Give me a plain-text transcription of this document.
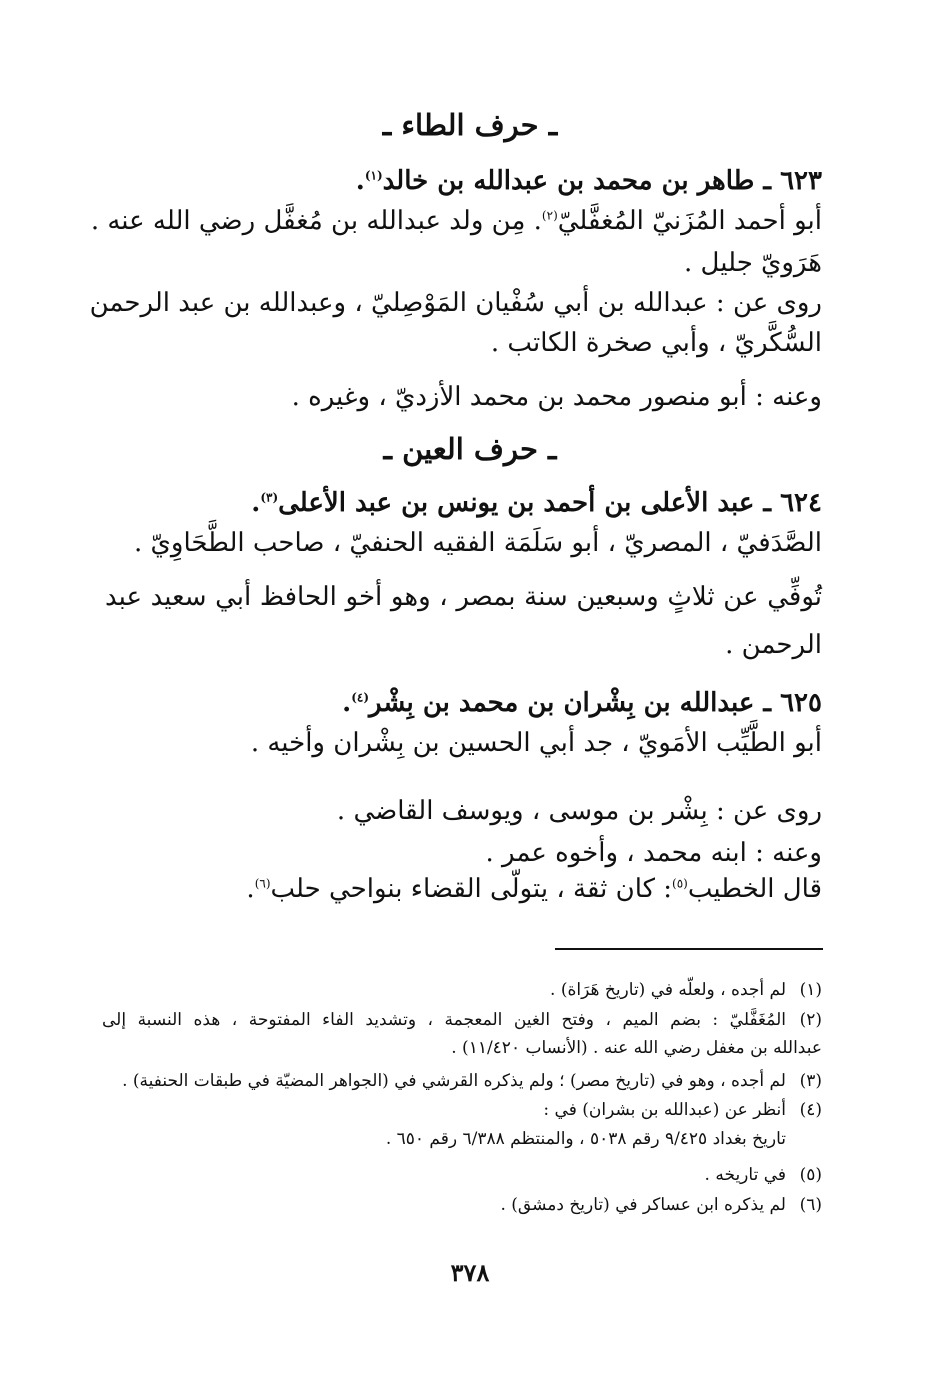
ـ حرف الطاء ـ
٦٢٣ ـ طاهر بن محمد بن عبدالله بن خالد$^{(١)}$.
أبو أحمد المُزَنيّ المُغفَّليّ$^{(٢)}$. مِن ولد عبدالله بن مُغفَّل رضي الله عنه .
هَرَويّ جليل .
روى عن : عبدالله بن أبي سُفْيان المَوْصِليّ ، وعبدالله بن عبد الرحمن
السُّكَّريّ ، وأبي صخرة الكاتب .
وعنه : أبو منصور محمد بن محمد الأزديّ ، وغيره .
ـ حرف العين ـ
٦٢٤ ـ عبد الأعلى بن أحمد بن يونس بن عبد الأعلى$^{(٣)}$.
الصَّدَفيّ ، المصريّ ، أبو سَلَمَة الفقيه الحنفيّ ، صاحب الطَّحَاوِيّ .
تُوفِّي عن ثلاثٍ وسبعين سنة بمصر ، وهو أخو الحافظ أبي سعيد عبد
الرحمن .
٦٢٥ ـ عبدالله بن بِشْران بن محمد بن بِشْر$^{(٤)}$.
أبو الطَّيِّب الأمَويّ ، جد أبي الحسين بن بِشْران وأخيه .
روى عن : بِشْر بن موسى ، ويوسف القاضي .
وعنه : ابنه محمد ، وأخوه عمر .
قال الخطيب$^{(٥)}$: كان ثقة ، يتولّى القضاء بنواحي حلب$^{(٦)}$.
(١)لم أجده ، ولعلّه في (تاريخ هَرَاة) .
(٢)المُغَفَّليّ : بضم الميم ، وفتح الغين المعجمة ، وتشديد الفاء المفتوحة ، هذه النسبة إلى
عبدالله بن مغفل رضي الله عنه . (الأنساب ١١/٤٢٠) .
(٣)لم أجده ، وهو في (تاريخ مصر) ؛ ولم يذكره القرشي في (الجواهر المضيّة في طبقات الحنفية) .
(٤)أنظر عن (عبدالله بن بشران) في :
تاريخ بغداد ٩/٤٢٥ رقم ٥٠٣٨ ، والمنتظم ٦/٣٨٨ رقم ٦٥٠ .
(٥)في تاريخه .
(٦)لم يذكره ابن عساكر في (تاريخ دمشق) .
٣٧٨
